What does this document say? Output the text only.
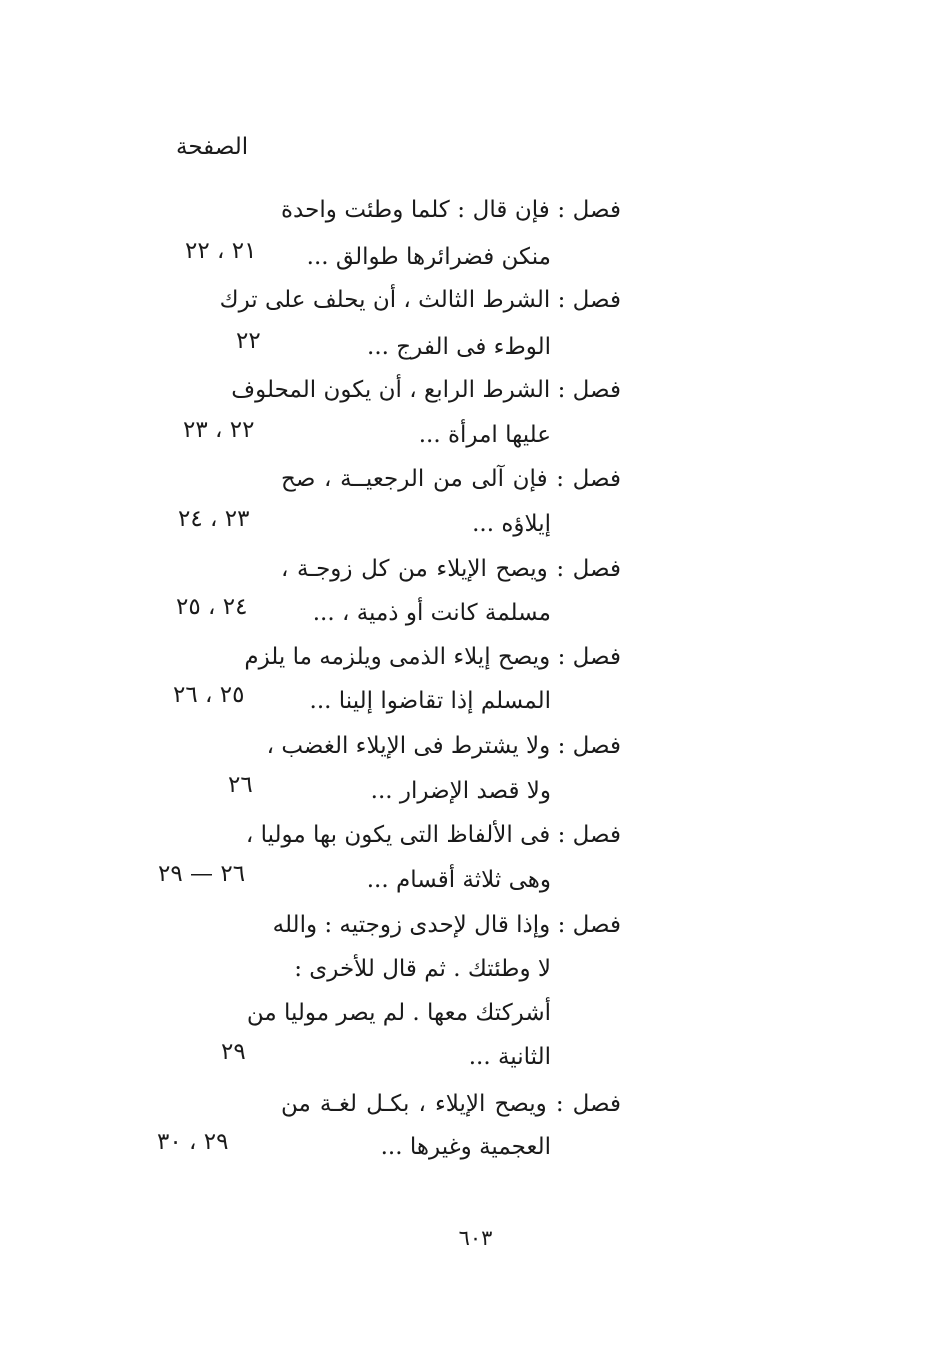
الصفحة
فصل : فإن قال : كلما وطئت واحدة
منكن فضرائرها طوالق ...
٢١ ، ٢٢
فصل : الشرط الثالث ، أن يحلف على ترك
الوطء فى الفرج ...
٢٢
فصل : الشرط الرابع ، أن يكون المحلوف
عليها امرأة ...
٢٢ ، ٢٣
فصل : فإن آلى من الرجعيــة ، صح
إيلاؤه ...
٢٣ ، ٢٤
فصل : ويصح الإيلاء من كل زوجـة ،
مسلمة كانت أو ذمية ، ...
٢٤ ، ٢٥
فصل : ويصح إيلاء الذمى ويلزمه ما يلزم
المسلم إذا تقاضوا إلينا ...
٢٥ ، ٢٦
فصل : ولا يشترط فى الإيلاء الغضب ،
ولا قصد الإضرار ...
٢٦
فصل : فى الألفاظ التى يكون بها موليا ،
وهى ثلاثة أقسام ...
٢٦ — ٢٩
فصل : وإذا قال لإحدى زوجتيه : والله
لا وطئتك . ثم قال للأخرى :
أشركتك معها . لم يصر موليا من
الثانية ...
٢٩
فصل : ويصح الإيلاء ، بكـل لغـة من
العجمية وغيرها ...
٢٩ ، ٣٠
٦٠٣
